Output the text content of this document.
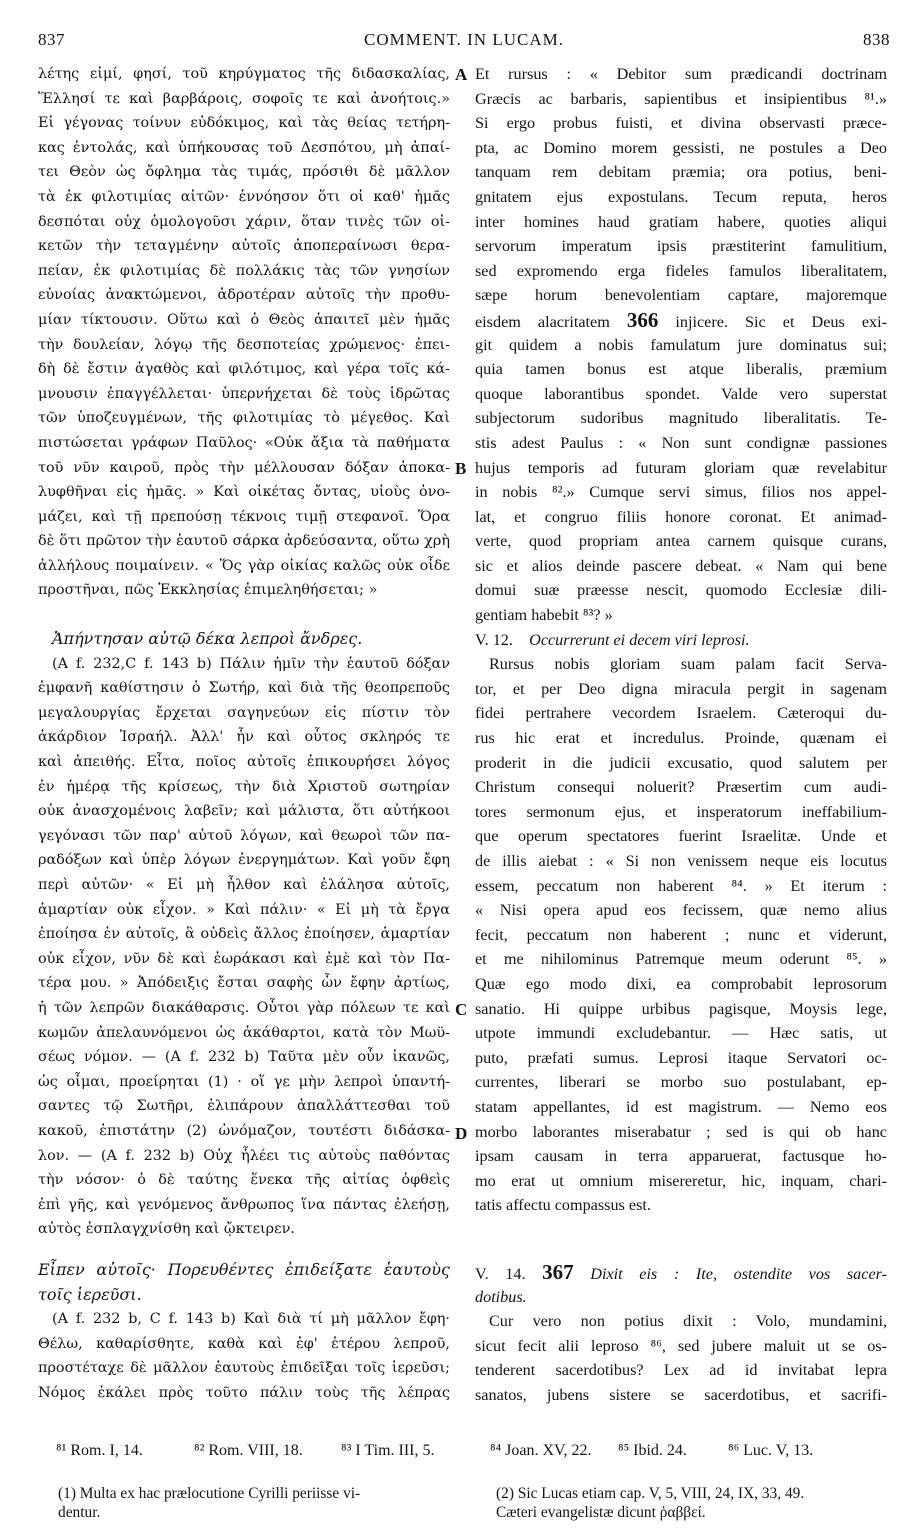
837	COMMENT. IN LUCAM.	838
A
B
C
D
λέτης εἰμί, φησί, τοῦ κηρύγματος τῆς διδασκαλίας,
Ἕλλησί τε καὶ βαρβάροις, σοφοῖς τε καὶ ἀνοήτοις.»
Εἰ γέγονας τοίνυν εὐδόκιμος, καὶ τὰς θείας τετήρη-
κας ἐντολάς, καὶ ὑπήκουσας τοῦ Δεσπότου, μὴ ἀπαί-
τει Θεὸν ὡς ὄφλημα τὰς τιμάς, πρόσιθι δὲ μᾶλλον
τὰ ἐκ φιλοτιμίας αἰτῶν· ἐννόησον ὅτι οἱ καθ' ἡμᾶς
δεσπόται οὐχ ὁμολογοῦσι χάριν, ὅταν τινὲς τῶν οἰ-
κετῶν τὴν τεταγμένην αὐτοῖς ἀποπεραίνωσι θερα-
πείαν, ἐκ φιλοτιμίας δὲ πολλάκις τὰς τῶν γνησίων
εὐνοίας ἀνακτώμενοι, ἁδροτέραν αὐτοῖς τὴν προθυ-
μίαν τίκτουσιν. Οὕτω καὶ ὁ Θεὸς ἀπαιτεῖ μὲν ἡμᾶς
τὴν δουλείαν, λόγῳ τῆς δεσποτείας χρώμενος· ἐπει-
δὴ δὲ ἔστιν ἀγαθὸς καὶ φιλότιμος, καὶ γέρα τοῖς κά-
μνουσιν ἐπαγγέλλεται· ὑπερνήχεται δὲ τοὺς ἱδρῶτας
τῶν ὑποζευγμένων, τῆς φιλοτιμίας τὸ μέγεθος. Καὶ
πιστώσεται γράφων Παῦλος· «Οὐκ ἄξια τὰ παθήματα
τοῦ νῦν καιροῦ, πρὸς τὴν μέλλουσαν δόξαν ἀποκα-
λυφθῆναι εἰς ἡμᾶς. » Καὶ οἰκέτας ὄντας, υἱοὺς ὀνο-
μάζει, καὶ τῇ πρεπούσῃ τέκνοις τιμῇ στεφανοῖ. Ὅρα
δὲ ὅτι πρῶτον τὴν ἑαυτοῦ σάρκα ἀρδεύσαντα, οὕτω χρὴ
ἀλλήλους ποιμαίνειν. « Ὅς γὰρ οἰκίας καλῶς οὐκ οἶδε
προστῆναι, πῶς Ἐκκλησίας ἐπιμεληθήσεται; »
Ἀπήντησαν αὐτῷ δέκα λεπροὶ ἄνδρες.
(A f. 232,C f. 143 b) Πάλιν ἡμῖν τὴν ἑαυτοῦ δόξαν
ἐμφανῆ καθίστησιν ὁ Σωτήρ, καὶ διὰ τῆς θεοπρεποῦς
μεγαλουργίας ἔρχεται σαγηνεύων εἰς πίστιν τὸν
ἀκάρδιον Ἰσραήλ. Ἀλλ' ἦν καὶ οὗτος σκληρός τε
καὶ ἀπειθής. Εἶτα, ποῖος αὐτοῖς ἐπικουρήσει λόγος
ἐν ἡμέρᾳ τῆς κρίσεως, τὴν διὰ Χριστοῦ σωτηρίαν
οὐκ ἀνασχομένοις λαβεῖν; καὶ μάλιστα, ὅτι αὐτήκοοι
γεγόνασι τῶν παρ' αὐτοῦ λόγων, καὶ θεωροὶ τῶν πα-
ραδόξων καὶ ὑπὲρ λόγων ἐνεργημάτων. Καὶ γοῦν ἔφη
περὶ αὐτῶν· « Εἰ μὴ ἦλθον καὶ ἐλάλησα αὐτοῖς,
ἁμαρτίαν οὐκ εἶχον. » Καὶ πάλιν· « Εἰ μὴ τὰ ἔργα
ἐποίησα ἐν αὐτοῖς, ἃ οὐδεὶς ἄλλος ἐποίησεν, ἁμαρτίαν
οὐκ εἶχον, νῦν δὲ καὶ ἑωράκασι καὶ ἐμὲ καὶ τὸν Πα-
τέρα μου. » Ἀπόδειξις ἔσται σαφὴς ὧν ἔφην ἀρτίως,
ἡ τῶν λεπρῶν διακάθαρσις. Οὗτοι γὰρ πόλεων τε καὶ
κωμῶν ἀπελαυνόμενοι ὡς ἀκάθαρτοι, κατὰ τὸν Μωϋ-
σέως νόμον. — (A f. 232 b) Ταῦτα μὲν οὖν ἱκανῶς,
ὡς οἶμαι, προείρηται (1) · οἵ γε μὴν λεπροὶ ὑπαντή-
σαντες τῷ Σωτῆρι, ἐλιπάρουν ἀπαλλάττεσθαι τοῦ
κακοῦ, ἐπιστάτην (2) ὠνόμαζον, τουτέστι διδάσκα-
λον. — (A f. 232 b) Οὐχ ἧλέει τις αὐτοὺς παθόντας
τὴν νόσον· ὁ δὲ ταύτης ἕνεκα τῆς αἰτίας ὀφθεὶς
ἐπὶ γῆς, καὶ γενόμενος ἄνθρωπος ἵνα πάντας ἐλεήσῃ,
αὐτὸς ἐσπλαγχνίσθη καὶ ᾤκτειρεν.
Εἶπεν αὐτοῖς· Πορευθέντες ἐπιδείξατε ἑαυτοὺς
τοῖς ἱερεῦσι.
(A f. 232 b, C f. 143 b) Καὶ διὰ τί μὴ μᾶλλον ἔφη·
Θέλω, καθαρίσθητε, καθὰ καὶ ἐφ' ἑτέρου λεπροῦ,
προστέταχε δὲ μᾶλλον ἑαυτοὺς ἐπιδεῖξαι τοῖς ἱερεῦσι;
Νόμος ἐκάλει πρὸς τοῦτο πάλιν τοὺς τῆς λέπρας
Et rursus : « Debitor sum prædicandi doctrinam
Græcis ac barbaris, sapientibus et insipientibus ⁸¹.»
Si ergo probus fuisti, et divina observasti præce-
pta, ac Domino morem gessisti, ne postules a Deo
tanquam rem debitam præmia; ora potius, beni-
gnitatem ejus expostulans. Tecum reputa, heros
inter homines haud gratiam habere, quoties aliqui
servorum imperatum ipsis præstiterint famulitium,
sed expromendo erga fideles famulos liberalitatem,
sæpe horum benevolentiam captare, majoremque
eisdem alacritatem 366 injicere. Sic et Deus exi-
git quidem a nobis famulatum jure dominatus sui;
quia tamen bonus est atque liberalis, præmium
quoque laborantibus spondet. Valde vero superstat
subjectorum sudoribus magnitudo liberalitatis. Te-
stis adest Paulus : « Non sunt condignæ passiones
hujus temporis ad futuram gloriam quæ revelabitur
in nobis ⁸².» Cumque servi simus, filios nos appel-
lat, et congruo filiis honore coronat. Et animad-
verte, quod propriam antea carnem quisque curans,
sic et alios deinde pascere debeat. « Nam qui bene
domui suæ præesse nescit, quomodo Ecclesiæ dili-
gentiam habebit ⁸³? »
V. 12. Occurrerunt ei decem viri leprosi.
Rursus nobis gloriam suam palam facit Serva-
tor, et per Deo digna miracula pergit in sagenam
fidei pertrahere vecordem Israelem. Cæteroqui du-
rus hic erat et incredulus. Proinde, quænam ei
proderit in die judicii excusatio, quod salutem per
Christum consequi noluerit? Præsertim cum audi-
tores sermonum ejus, et insperatorum ineffabilium-
que operum spectatores fuerint Israelitæ. Unde et
de illis aiebat : « Si non venissem neque eis locutus
essem, peccatum non haberent ⁸⁴. » Et iterum :
« Nisi opera apud eos fecissem, quæ nemo alius
fecit, peccatum non haberent ; nunc et viderunt,
et me nihilominus Patremque meum oderunt ⁸⁵. »
Quæ ego modo dixi, ea comprobabit leprosorum
sanatio. Hi quippe urbibus pagisque, Moysis lege,
utpote immundi excludebantur. — Hæc satis, ut
puto, præfati sumus. Leprosi itaque Servatori oc-
currentes, liberari se morbo suo postulabant, ep-
statam appellantes, id est magistrum. — Nemo eos
morbo laborantes miserabatur ; sed is qui ob hanc
ipsam causam in terra apparuerat, factusque ho-
mo erat ut omnium misereretur, hic, inquam, chari-
tatis affectu compassus est.
V. 14. 367 Dixit eis : Ite, ostendite vos sacer-
dotibus.
Cur vero non potius dixit : Volo, mundamini,
sicut fecit alii leproso ⁸⁶, sed jubere maluit ut se os-
tenderent sacerdotibus? Lex ad id invitabat lepra
sanatos, jubens sistere se sacerdotibus, et sacrifi-
⁸¹ Rom. I, 14.	⁸² Rom. VIII, 18. ⁸³ I Tim. III, 5.	⁸⁴ Joan. XV, 22. ⁸⁵ Ibid. 24.	⁸⁶ Luc. V, 13.
(1) Multa ex hac prælocutione Cyrilli periisse vi-
dentur.
(2) Sic Lucas etiam cap. V, 5, VIII, 24, IX, 33, 49.
Cæteri evangelistæ dicunt ῥαββεί.
